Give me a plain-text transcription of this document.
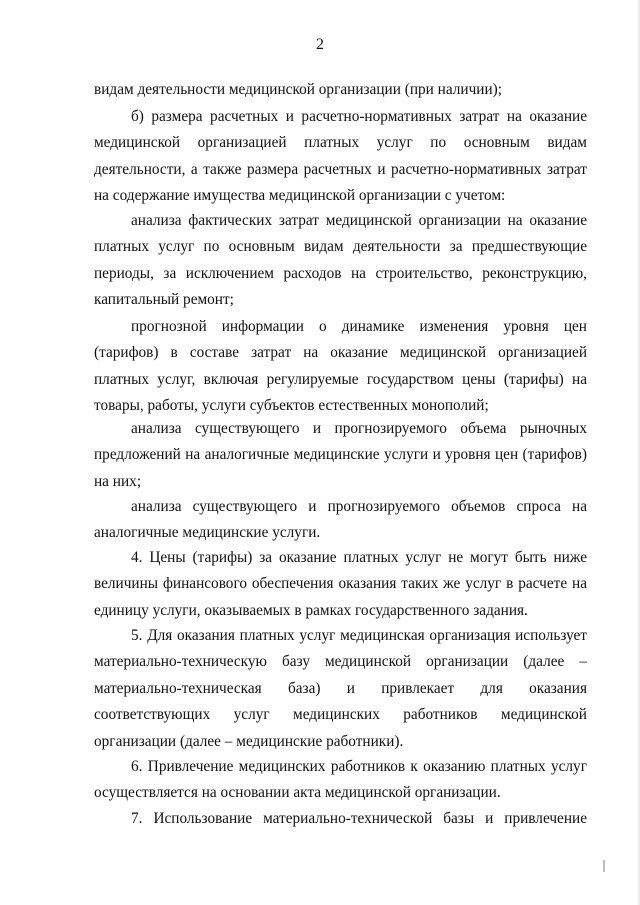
2

видам деятельности медицинской организации (при наличии);

б) размера расчетных и расчетно-нормативных затрат на оказание медицинской организацией платных услуг по основным видам деятельности, а также размера расчетных и расчетно-нормативных затрат на содержание имущества медицинской организации с учетом:

анализа фактических затрат медицинской организации на оказание платных услуг по основным видам деятельности за предшествующие периоды, за исключением расходов на строительство, реконструкцию, капитальный ремонт;

прогнозной информации о динамике изменения уровня цен (тарифов) в составе затрат на оказание медицинской организацией платных услуг, включая регулируемые государством цены (тарифы) на товары, работы, услуги субъектов естественных монополий;

анализа существующего и прогнозируемого объема рыночных предложений на аналогичные медицинские услуги и уровня цен (тарифов) на них;

анализа существующего и прогнозируемого объемов спроса на аналогичные медицинские услуги.

4. Цены (тарифы) за оказание платных услуг не могут быть ниже величины финансового обеспечения оказания таких же услуг в расчете на единицу услуги, оказываемых в рамках государственного задания.

5. Для оказания платных услуг медицинская организация использует материально-техническую базу медицинской организации (далее – материально-техническая база) и привлекает для оказания соответствующих услуг медицинских работников медицинской организации (далее – медицинские работники).

6. Привлечение медицинских работников к оказанию платных услуг осуществляется на основании акта медицинской организации.

7. Использование материально-технической базы и привлечение
